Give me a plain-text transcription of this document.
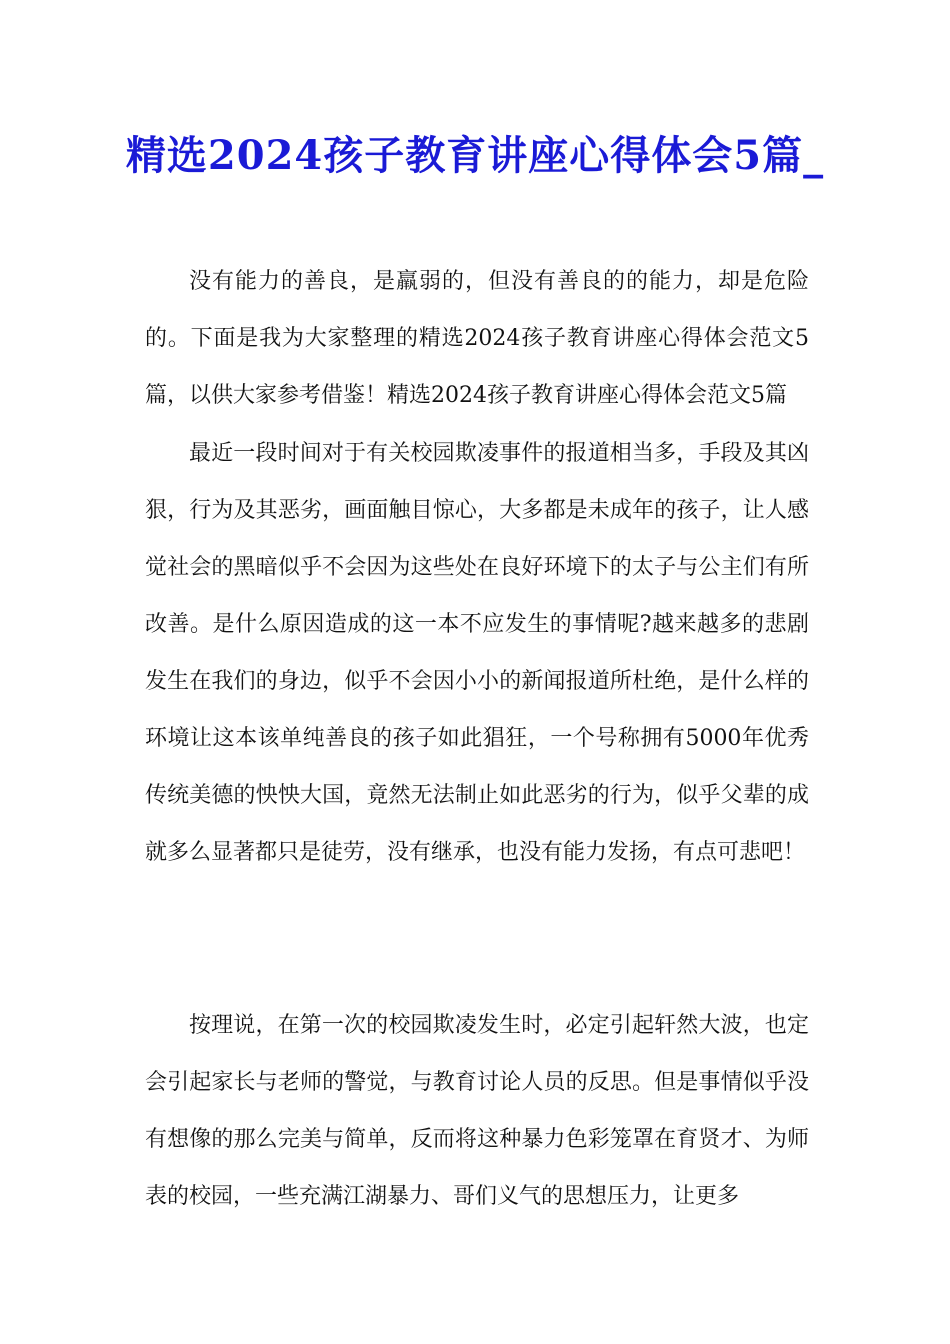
精选2024孩子教育讲座心得体会5篇_

没有能力的善良，是羸弱的，但没有善良的的能力，却是危险的。下面是我为大家整理的精选2024孩子教育讲座心得体会范文5篇，以供大家参考借鉴！精选2024孩子教育讲座心得体会范文5篇

最近一段时间对于有关校园欺凌事件的报道相当多，手段及其凶狠，行为及其恶劣，画面触目惊心，大多都是未成年的孩子，让人感觉社会的黑暗似乎不会因为这些处在良好环境下的太子与公主们有所改善。是什么原因造成的这一本不应发生的事情呢?越来越多的悲剧发生在我们的身边，似乎不会因小小的新闻报道所杜绝，是什么样的环境让这本该单纯善良的孩子如此猖狂，一个号称拥有5000年优秀传统美德的怏怏大国，竟然无法制止如此恶劣的行为，似乎父辈的成就多么显著都只是徒劳，没有继承，也没有能力发扬，有点可悲吧！

按理说，在第一次的校园欺凌发生时，必定引起轩然大波，也定会引起家长与老师的警觉，与教育讨论人员的反思。但是事情似乎没有想像的那么完美与简单，反而将这种暴力色彩笼罩在育贤才、为师表的校园，一些充满江湖暴力、哥们义气的思想压力，让更多
